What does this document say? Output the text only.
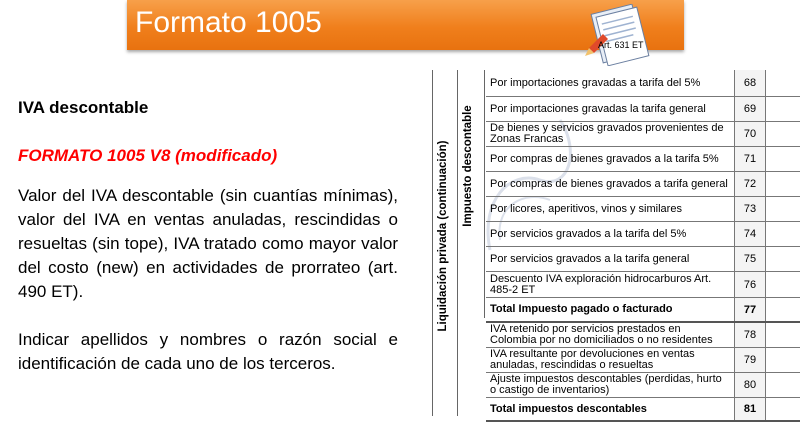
Formato 1005
Art. 631 ET
IVA descontable
FORMATO 1005 V8 (modificado)
Valor del IVA descontable (sin cuantías mínimas), valor del IVA en ventas anuladas, rescindidas o resueltas (sin tope), IVA tratado como mayor valor del costo (new) en actividades de prorrateo (art. 490 ET).
Indicar apellidos y nombres o razón social e identificación de cada uno de los terceros.
Liquidación privada (continuación) Impuesto descontable
Por importaciones gravadas a tarifa del 5%	68
Por importaciones gravadas la tarifa general	69
De bienes y servicios gravados provenientes de Zonas Francas	70
Por compras de bienes gravados a la tarifa 5%	71
Por compras de bienes gravados a tarifa general	72
Por licores, aperitivos, vinos y similares	73
Por servicios gravados a la tarifa del 5%	74
Por servicios gravados a la tarifa general	75
Descuento IVA exploración hidrocarburos Art. 485-2 ET	76
Total Impuesto pagado o facturado	77
IVA retenido por servicios prestados en Colombia por no domiciliados o no residentes	78
IVA resultante por devoluciones en ventas anuladas, rescindidas o resueltas	79
Ajuste impuestos descontables (perdidas, hurto o castigo de inventarios)	80
Total impuestos descontables	81
